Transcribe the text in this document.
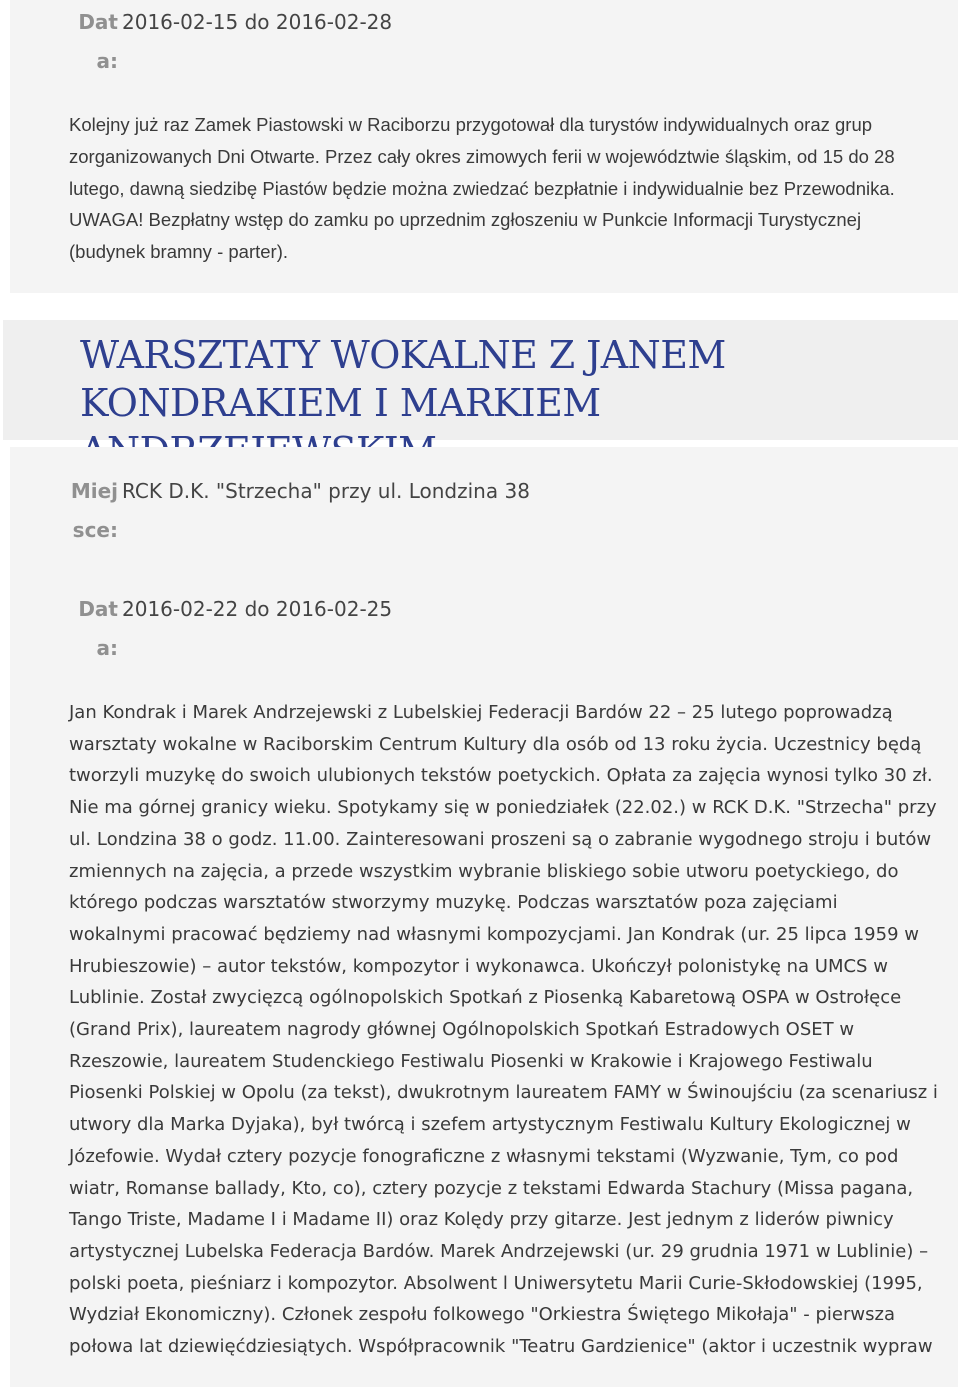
Data:
2016-02-15 do 2016-02-28

Kolejny już raz Zamek Piastowski w Raciborzu przygotował dla turystów indywidualnych oraz grup zorganizowanych Dni Otwarte. Przez cały okres zimowych ferii w województwie śląskim, od 15 do 28 lutego, dawną siedzibę Piastów będzie można zwiedzać bezpłatnie i indywidualnie bez Przewodnika. UWAGA! Bezpłatny wstęp do zamku po uprzednim zgłoszeniu w Punkcie Informacji Turystycznej (budynek bramny - parter).

WARSZTATY WOKALNE Z JANEM KONDRAKIEM I MARKIEM
Miejsce:
RCK D.K. "Strzecha" przy ul. Londzina 38
Data:
2016-02-22 do 2016-02-25

Jan Kondrak i Marek Andrzejewski z Lubelskiej Federacji Bardów 22 – 25 lutego poprowadzą warsztaty wokalne w Raciborskim Centrum Kultury dla osób od 13 roku życia. Uczestnicy będą tworzyli muzykę do swoich ulubionych tekstów poetyckich. Opłata za zajęcia wynosi tylko 30 zł. Nie ma górnej granicy wieku. Spotykamy się w poniedziałek (22.02.) w RCK D.K. "Strzecha" przy ul. Londzina 38 o godz. 11.00. Zainteresowani proszeni są o zabranie wygodnego stroju i butów zmiennych na zajęcia, a przede wszystkim wybranie bliskiego sobie utworu poetyckiego, do którego podczas warsztatów stworzymy muzykę. Podczas warsztatów poza zajęciami wokalnymi pracować będziemy nad własnymi kompozycjami. Jan Kondrak (ur. 25 lipca 1959 w Hrubieszowie) – autor tekstów, kompozytor i wykonawca. Ukończył polonistykę na UMCS w Lublinie. Został zwycięzcą ogólnopolskich Spotkań z Piosenką Kabaretową OSPA w Ostrołęce (Grand Prix), laureatem nagrody głównej Ogólnopolskich Spotkań Estradowych OSET w Rzeszowie, laureatem Studenckiego Festiwalu Piosenki w Krakowie i Krajowego Festiwalu Piosenki Polskiej w Opolu (za tekst), dwukrotnym laureatem FAMY w Świnoujściu (za scenariusz i utwory dla Marka Dyjaka), był twórcą i szefem artystycznym Festiwalu Kultury Ekologicznej w Józefowie. Wydał cztery pozycje fonograficzne z własnymi tekstami (Wyzwanie, Tym, co pod wiatr, Romanse ballady, Kto, co), cztery pozycje z tekstami Edwarda Stachury (Missa pagana, Tango Triste, Madame I i Madame II) oraz Kolędy przy gitarze. Jest jednym z liderów piwnicy artystycznej Lubelska Federacja Bardów. Marek Andrzejewski (ur. 29 grudnia 1971 w Lublinie) – polski poeta, pieśniarz i kompozytor. Absolwent l Uniwersytetu Marii Curie-Skłodowskiej (1995, Wydział Ekonomiczny). Członek zespołu folkowego "Orkiestra Świętego Mikołaja" - pierwsza połowa lat dziewięćdziesiątych. Współpracownik "Teatru Gardzienice" (aktor i uczestnik wypraw
